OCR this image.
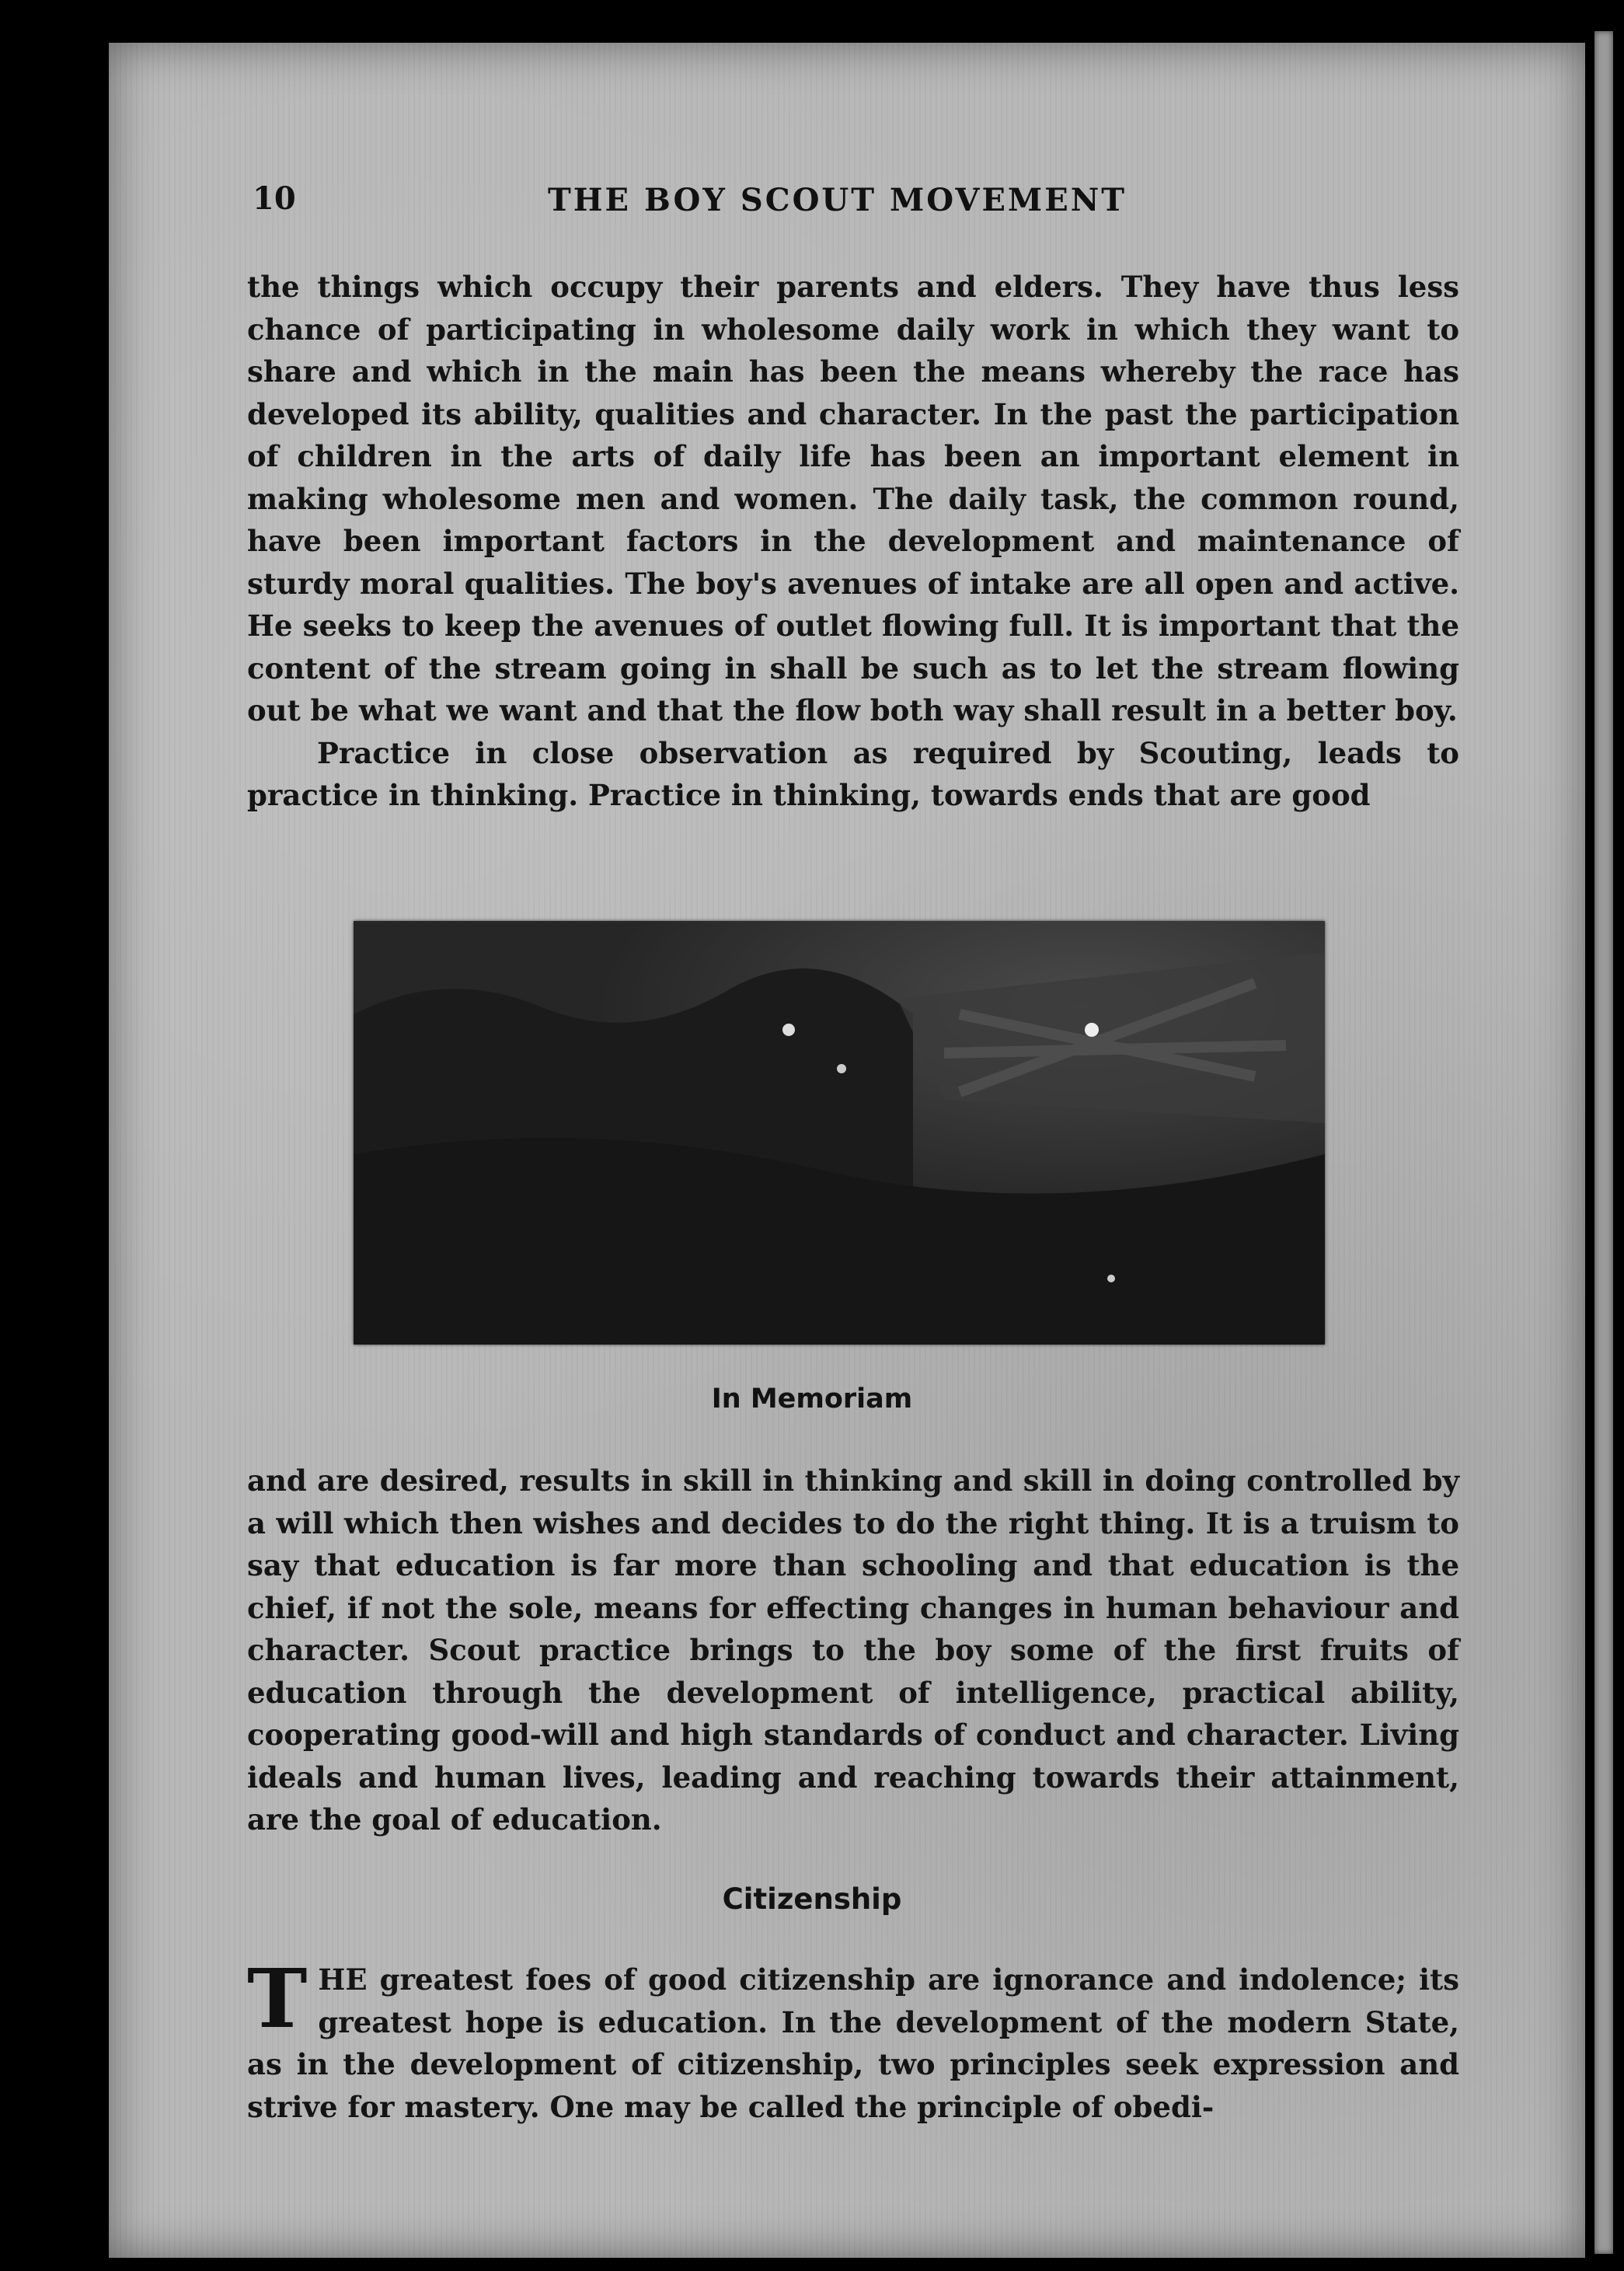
10	THE BOY SCOUT MOVEMENT

the things which occupy their parents and elders. They have thus less chance of participating in wholesome daily work in which they want to share and which in the main has been the means whereby the race has developed its ability, qualities and character. In the past the participation of children in the arts of daily life has been an important element in making wholesome men and women. The daily task, the common round, have been important factors in the development and maintenance of sturdy moral qualities. The boy's avenues of intake are all open and active. He seeks to keep the avenues of outlet flowing full. It is important that the content of the stream going in shall be such as to let the stream flowing out be what we want and that the flow both way shall result in a better boy.

Practice in close observation as required by Scouting, leads to practice in thinking. Practice in thinking, towards ends that are good

In Memoriam

and are desired, results in skill in thinking and skill in doing controlled by a will which then wishes and decides to do the right thing. It is a truism to say that education is far more than schooling and that education is the chief, if not the sole, means for effecting changes in human behaviour and character. Scout practice brings to the boy some of the first fruits of education through the development of intelligence, practical ability, cooperating good-will and high standards of conduct and character. Living ideals and human lives, leading and reaching towards their attainment, are the goal of education.

Citizenship
T HE greatest foes of good citizenship are ignorance and indolence; its greatest hope is education. In the development of the modern State, as in the development of citizenship, two principles seek expression and strive for mastery. One may be called the principle of obedi-
